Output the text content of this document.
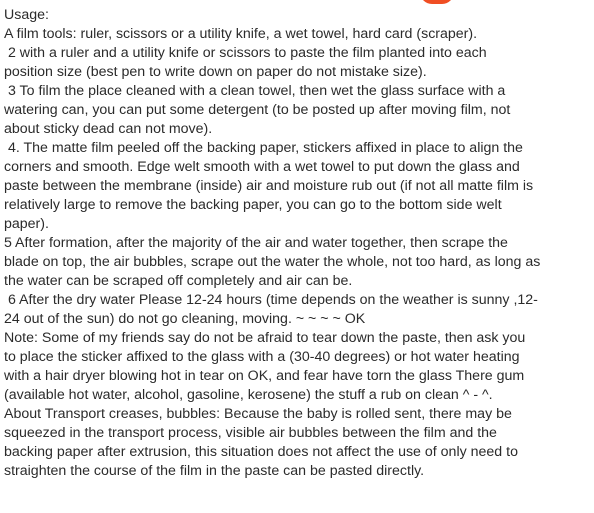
Usage:
A film tools: ruler, scissors or a utility knife, a wet towel, hard card (scraper).
2 with a ruler and a utility knife or scissors to paste the film planted into each
position size (best pen to write down on paper do not mistake size).
3 To film the place cleaned with a clean towel, then wet the glass surface with a
watering can, you can put some detergent (to be posted up after moving film, not
about sticky dead can not move).
4. The matte film peeled off the backing paper, stickers affixed in place to align the
corners and smooth. Edge welt smooth with a wet towel to put down the glass and
paste between the membrane (inside) air and moisture rub out (if not all matte film is
relatively large to remove the backing paper, you can go to the bottom side welt
paper).
5 After formation, after the majority of the air and water together, then scrape the
blade on top, the air bubbles, scrape out the water the whole, not too hard, as long as
the water can be scraped off completely and air can be.
6 After the dry water Please 12-24 hours (time depends on the weather is sunny ,12-
24 out of the sun) do not go cleaning, moving. ~ ~ ~ ~ OK
Note: Some of my friends say do not be afraid to tear down the paste, then ask you
to place the sticker affixed to the glass with a (30-40 degrees) or hot water heating
with a hair dryer blowing hot in tear on OK, and fear have torn the glass There gum
(available hot water, alcohol, gasoline, kerosene) the stuff a rub on clean ^ - ^.
About Transport creases, bubbles: Because the baby is rolled sent, there may be
squeezed in the transport process, visible air bubbles between the film and the
backing paper after extrusion, this situation does not affect the use of only need to
straighten the course of the film in the paste can be pasted directly.
